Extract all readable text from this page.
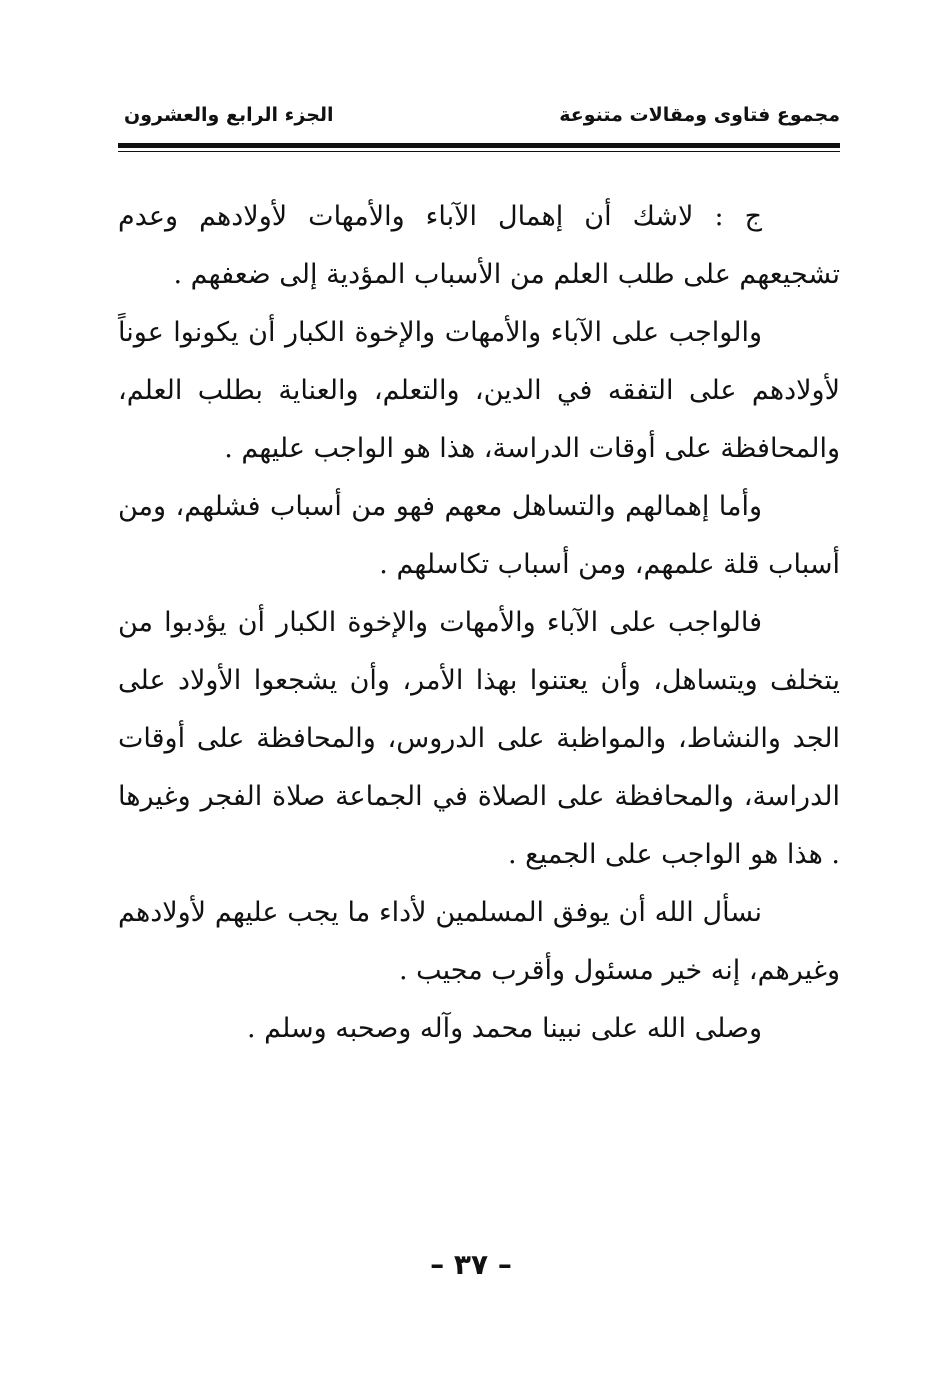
مجموع فتاوى ومقالات متنوعة
الجزء الرابع والعشرون

ج : لاشك أن إهمال الآباء والأمهات لأولادهم وعدم تشجيعهم على طلب العلم من الأسباب المؤدية إلى ضعفهم .

والواجب على الآباء والأمهات والإخوة الكبار أن يكونوا عوناً لأولادهم على التفقه في الدين، والتعلم، والعناية بطلب العلم، والمحافظة على أوقات الدراسة، هذا هو الواجب عليهم .

وأما إهمالهم والتساهل معهم فهو من أسباب فشلهم، ومن أسباب قلة علمهم، ومن أسباب تكاسلهم .

فالواجب على الآباء والأمهات والإخوة الكبار أن يؤدبوا من يتخلف ويتساهل، وأن يعتنوا بهذا الأمر، وأن يشجعوا الأولاد على الجد والنشاط، والمواظبة على الدروس، والمحافظة على أوقات الدراسة، والمحافظة على الصلاة في الجماعة صلاة الفجر وغيرها . هذا هو الواجب على الجميع .

نسأل الله أن يوفق المسلمين لأداء ما يجب عليهم لأولادهم وغيرهم، إنه خير مسئول وأقرب مجيب .

وصلى الله على نبينا محمد وآله وصحبه وسلم .

– ٣٧ –
